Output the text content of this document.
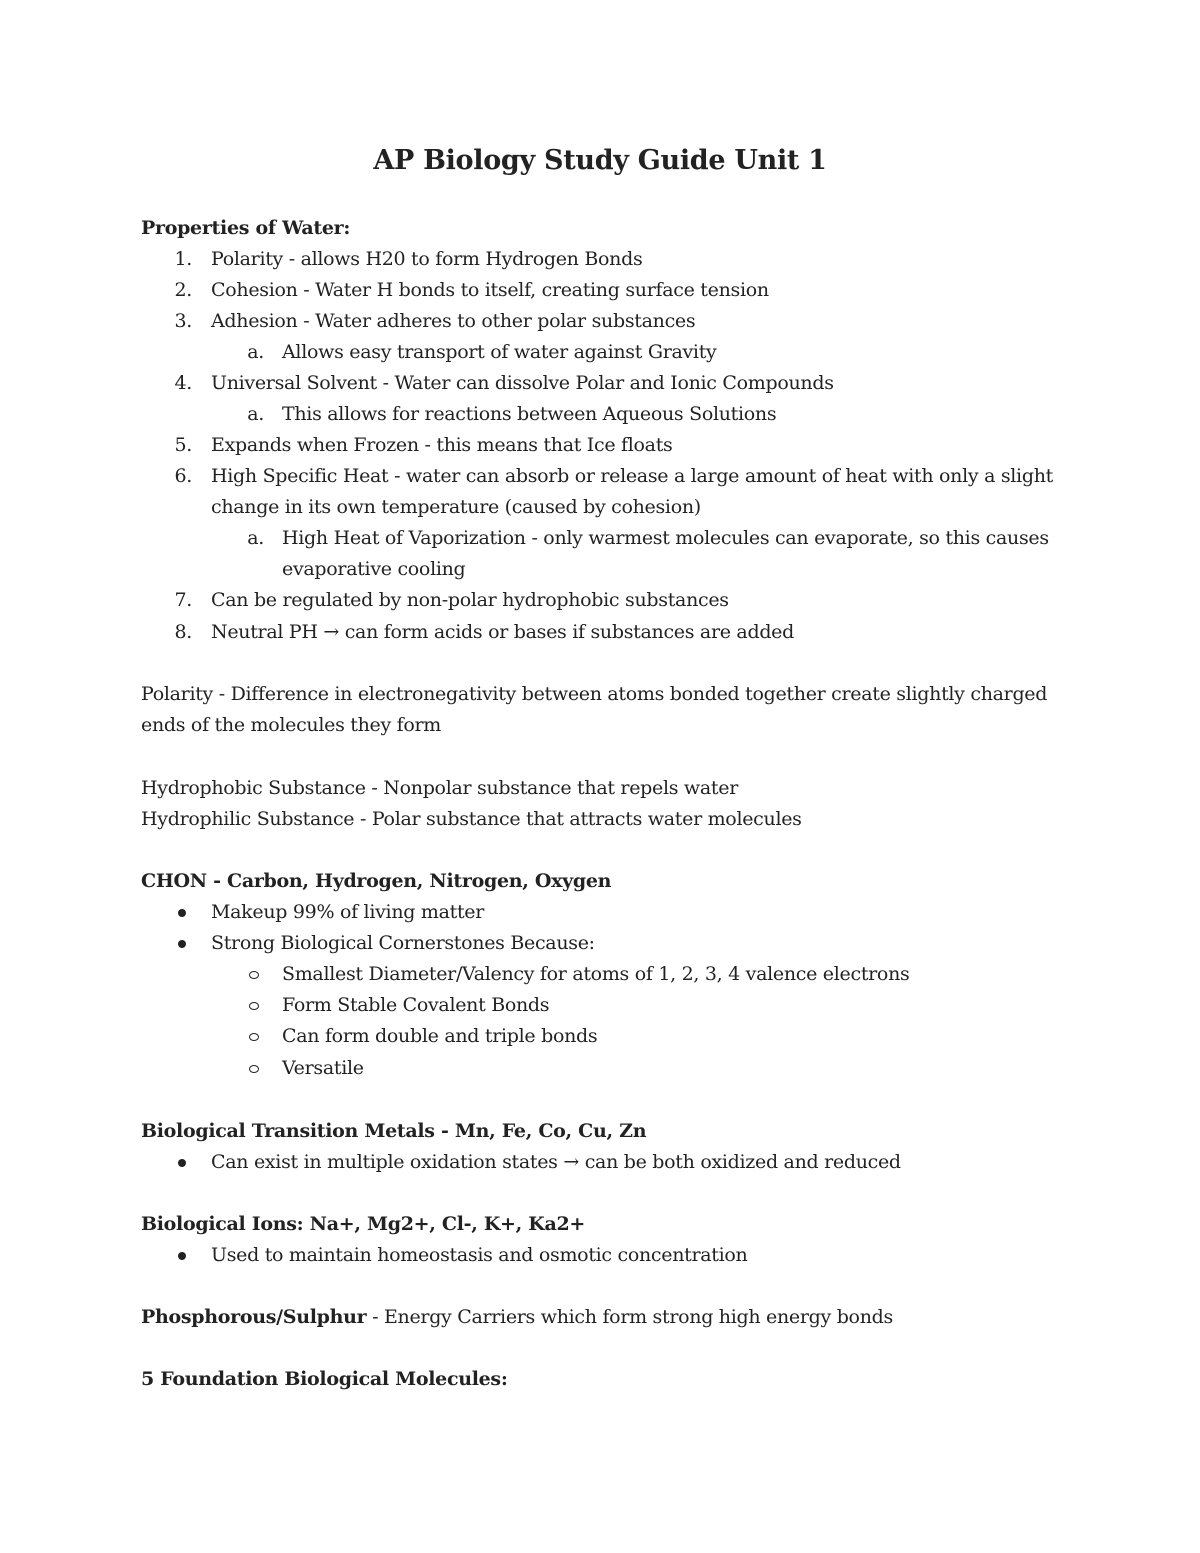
AP Biology Study Guide Unit 1
Properties of Water:
1. Polarity - allows H20 to form Hydrogen Bonds
2. Cohesion - Water H bonds to itself, creating surface tension
3. Adhesion - Water adheres to other polar substances
a. Allows easy transport of water against Gravity
4. Universal Solvent - Water can dissolve Polar and Ionic Compounds
a. This allows for reactions between Aqueous Solutions
5. Expands when Frozen - this means that Ice floats
6. High Specific Heat - water can absorb or release a large amount of heat with only a slight
change in its own temperature (caused by cohesion)
a. High Heat of Vaporization - only warmest molecules can evaporate, so this causes
evaporative cooling
7. Can be regulated by non-polar hydrophobic substances
8. Neutral PH → can form acids or bases if substances are added
Polarity - Difference in electronegativity between atoms bonded together create slightly charged
ends of the molecules they form
Hydrophobic Substance - Nonpolar substance that repels water
Hydrophilic Substance - Polar substance that attracts water molecules
CHON - Carbon, Hydrogen, Nitrogen, Oxygen
Makeup 99% of living matter
Strong Biological Cornerstones Because:
Smallest Diameter/Valency for atoms of 1, 2, 3, 4 valence electrons
Form Stable Covalent Bonds
Can form double and triple bonds
Versatile
Biological Transition Metals - Mn, Fe, Co, Cu, Zn
Can exist in multiple oxidation states → can be both oxidized and reduced
Biological Ions: Na+, Mg2+, Cl-, K+, Ka2+
Used to maintain homeostasis and osmotic concentration
Phosphorous/Sulphur - Energy Carriers which form strong high energy bonds
5 Foundation Biological Molecules:
